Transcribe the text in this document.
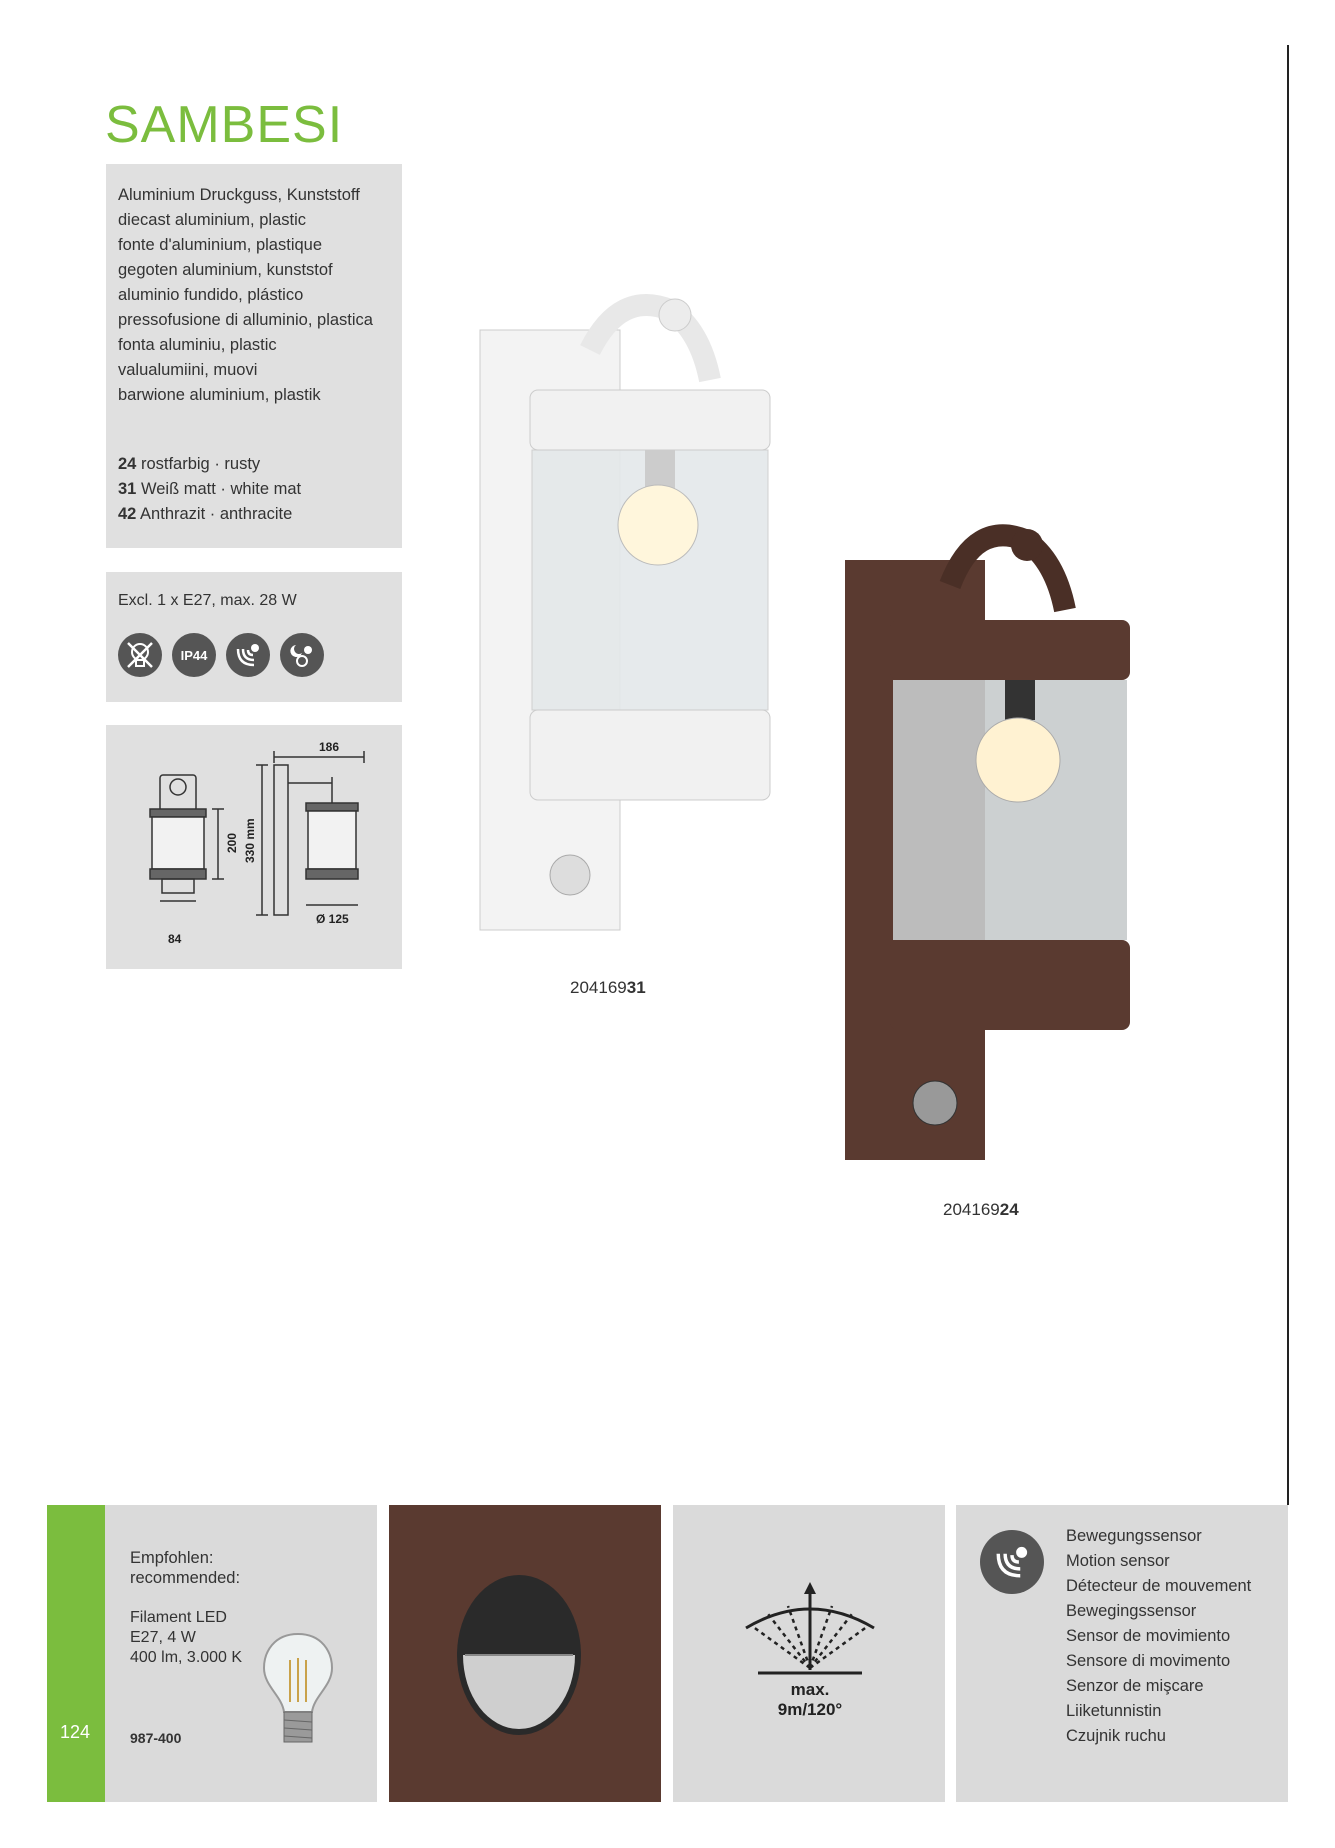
SAMBESI
Aluminium Druckguss, Kunststoff
diecast aluminium, plastic
fonte d'aluminium, plastique
gegoten aluminium, kunststof
aluminio fundido, plástico
pressofusione di alluminio, plastica
fonta aluminiu, plastic
valualumiini, muovi
barwione aluminium, plastik
24 rostfarbig · rusty
31 Weiß matt · white mat
42 Anthrazit · anthracite
Excl. 1 x E27, max. 28 W
IP44
186
200 330 mm
Ø 125
84
20416931
20416924
124
Empfohlen:
recommended:
Filament LED
E27, 4 W
400 lm, 3.000 K
987-400
max.
9m/120°
Bewegungssensor
Motion sensor
Détecteur de mouvement
Bewegingssensor
Sensor de movimiento
Sensore di movimento
Senzor de mişcare
Liiketunnistin
Czujnik ruchu
